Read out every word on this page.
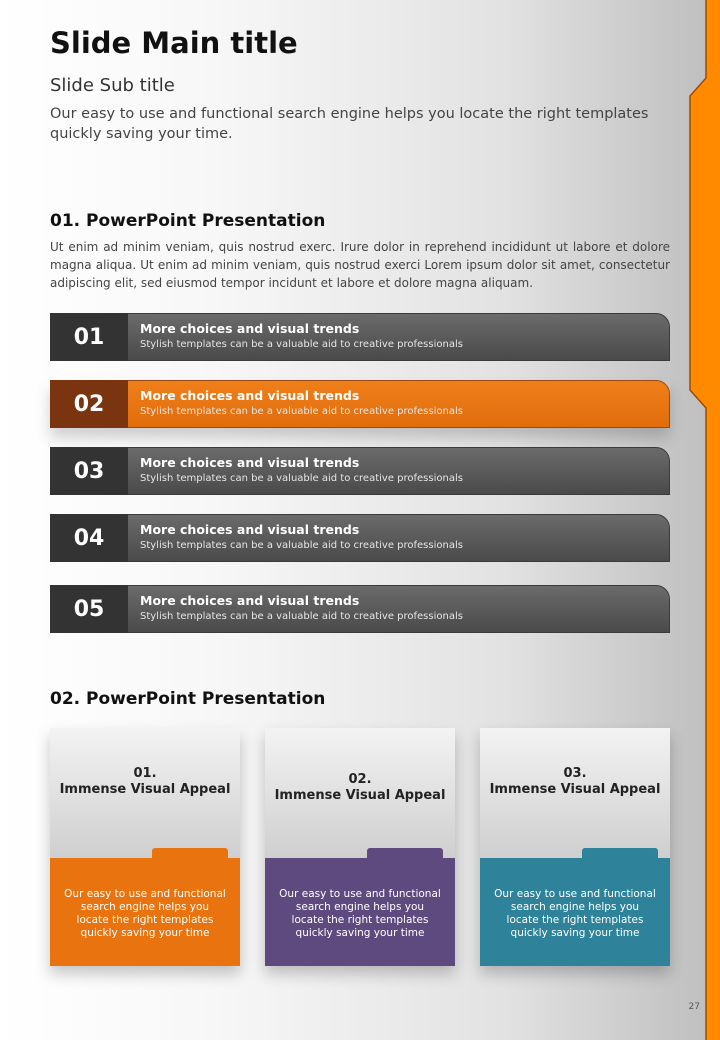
Slide Main title
Slide Sub title
Our easy to use and functional search engine helps you locate the right templates quickly saving your time.
01. PowerPoint Presentation
Ut enim ad minim veniam, quis nostrud exerc. Irure dolor in reprehend incididunt ut labore et dolore magna aliqua. Ut enim ad minim veniam, quis nostrud exerci Lorem ipsum dolor sit amet, consectetur adipiscing elit, sed eiusmod tempor incidunt et labore et dolore magna aliquam.
01	More choices and visual trends
Stylish templates can be a valuable aid to creative professionals
02	More choices and visual trends
Stylish templates can be a valuable aid to creative professionals
03	More choices and visual trends
Stylish templates can be a valuable aid to creative professionals
04	More choices and visual trends
Stylish templates can be a valuable aid to creative professionals
05	More choices and visual trends
Stylish templates can be a valuable aid to creative professionals
02. PowerPoint Presentation
01.
Immense Visual Appeal
Our easy to use and functional search engine helps you locate the right templates quickly saving your time
02.
Immense Visual Appeal
Our easy to use and functional search engine helps you locate the right templates quickly saving your time
03.
Immense Visual Appeal
Our easy to use and functional search engine helps you locate the right templates quickly saving your time
27
